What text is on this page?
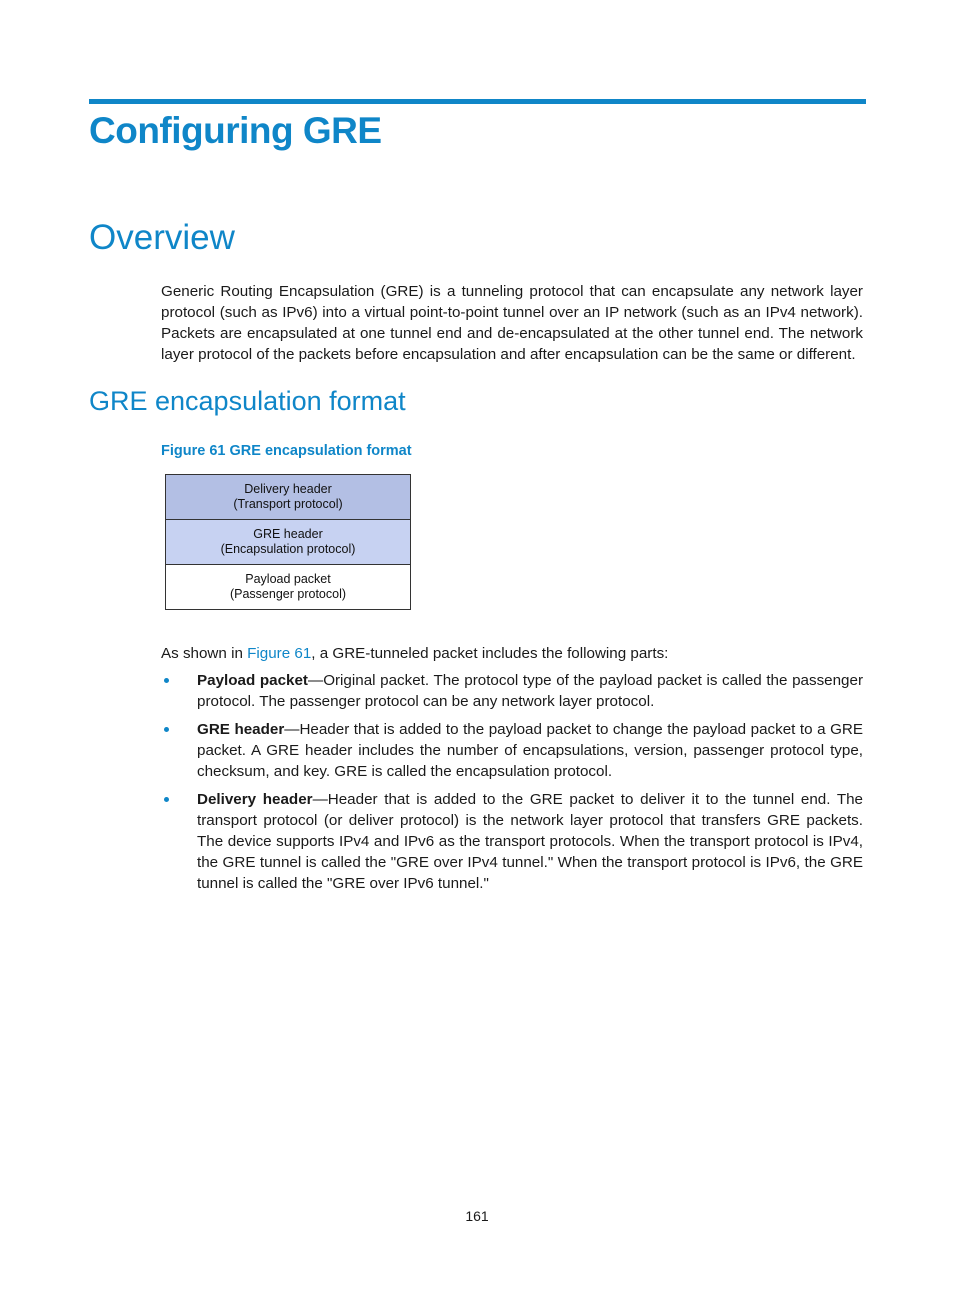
Configuring GRE
Overview

Generic Routing Encapsulation (GRE) is a tunneling protocol that can encapsulate any network layer protocol (such as IPv6) into a virtual point-to-point tunnel over an IP network (such as an IPv4 network). Packets are encapsulated at one tunnel end and de-encapsulated at the other tunnel end. The network layer protocol of the packets before encapsulation and after encapsulation can be the same or different.

GRE encapsulation format

Figure 61 GRE encapsulation format

Delivery header
(Transport protocol)
GRE header
(Encapsulation protocol)
Payload packet
(Passenger protocol)

As shown in Figure 61, a GRE-tunneled packet includes the following parts:

Payload packet—Original packet. The protocol type of the payload packet is called the passenger protocol. The passenger protocol can be any network layer protocol.
GRE header—Header that is added to the payload packet to change the payload packet to a GRE packet. A GRE header includes the number of encapsulations, version, passenger protocol type, checksum, and key. GRE is called the encapsulation protocol.
Delivery header—Header that is added to the GRE packet to deliver it to the tunnel end. The transport protocol (or deliver protocol) is the network layer protocol that transfers GRE packets. The device supports IPv4 and IPv6 as the transport protocols. When the transport protocol is IPv4, the GRE tunnel is called the "GRE over IPv4 tunnel." When the transport protocol is IPv6, the GRE tunnel is called the "GRE over IPv6 tunnel."

161
